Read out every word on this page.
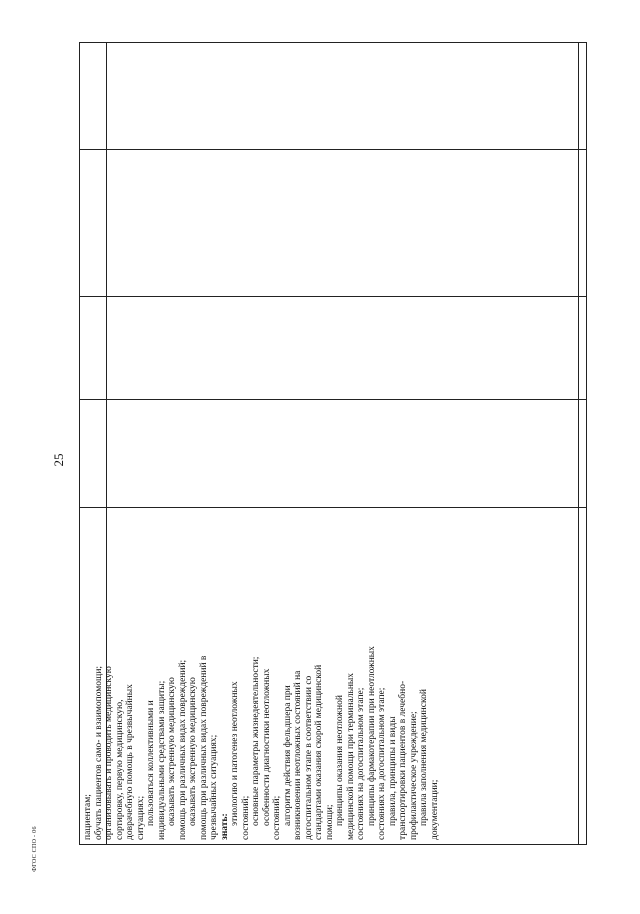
25
пациентам; обучать пациентов само- и взаимопомощи; организовывать и проводить медицинскую сортировку, первую медицинскую, доврачебную помощь в чрезвычайных ситуациях; пользоваться коллективными и индивидуальными средствами защиты; оказывать экстренную медицинскую помощь при различных видах повреждений; оказывать экстренную медицинскую помощь при различных видах повреждений в чрезвычайных ситуациях; знать:
этиологию и патогенез неотложных состояний; основные параметры жизнедеятельности; особенности диагностики неотложных состояний; алгоритм действия фельдшера при возникновении неотложных состояний на догоспитальном этапе в соответствии со стандартами оказания скорой медицинской помощи; принципы оказания неотложной медицинской помощи при терминальных состояниях на догоспитальном этапе; принципы фармакотерапии при неотложных состояниях на догоспитальном этапе; правила, принципы и виды транспортировки пациентов в лечебно- профилактическое учреждение; правила заполнения медицинской документации;
ФГОС СПО - 06
